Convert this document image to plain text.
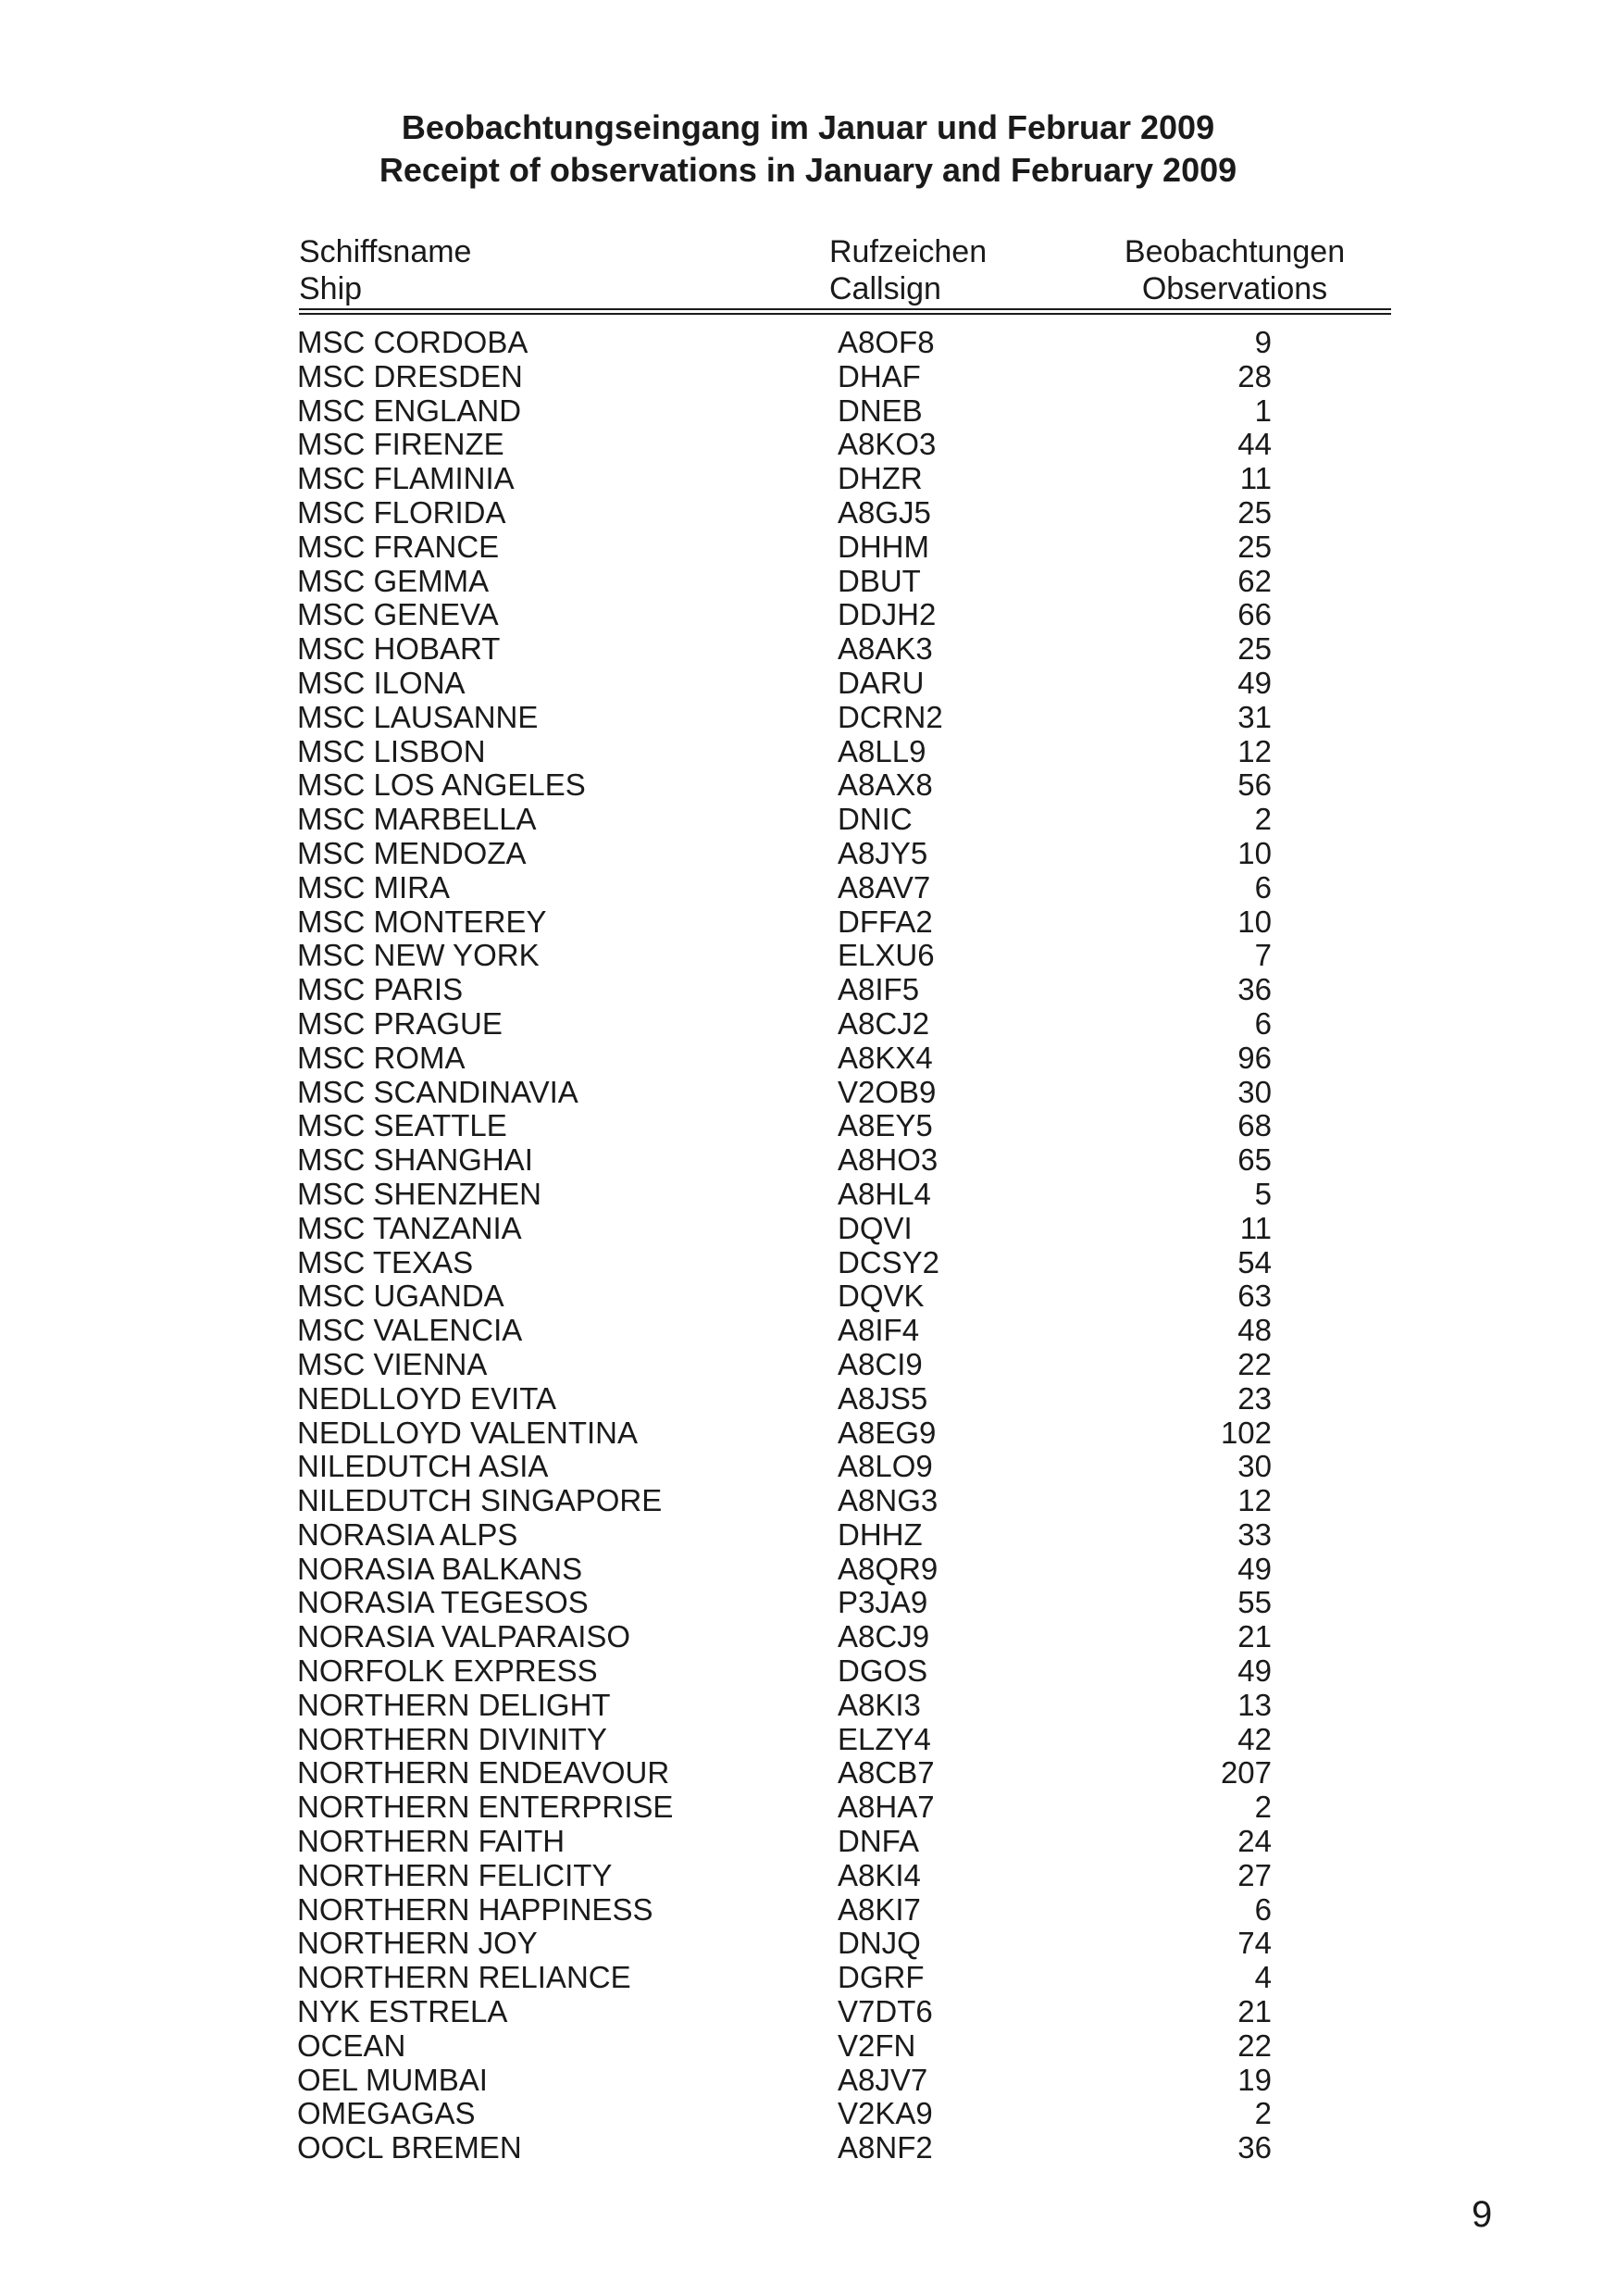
Beobachtungseingang im Januar und Februar 2009
Receipt of observations in January and February 2009
Schiffsname
Ship
Rufzeichen
Callsign
Beobachtungen
Observations
MSC CORDOBA	A8OF8	9
MSC DRESDEN	DHAF	28
MSC ENGLAND	DNEB	1
MSC FIRENZE	A8KO3	44
MSC FLAMINIA	DHZR	11
MSC FLORIDA	A8GJ5	25
MSC FRANCE	DHHM	25
MSC GEMMA	DBUT	62
MSC GENEVA	DDJH2	66
MSC HOBART	A8AK3	25
MSC ILONA	DARU	49
MSC LAUSANNE	DCRN2	31
MSC LISBON	A8LL9	12
MSC LOS ANGELES	A8AX8	56
MSC MARBELLA	DNIC	2
MSC MENDOZA	A8JY5	10
MSC MIRA	A8AV7	6
MSC MONTEREY	DFFA2	10
MSC NEW YORK	ELXU6	7
MSC PARIS	A8IF5	36
MSC PRAGUE	A8CJ2	6
MSC ROMA	A8KX4	96
MSC SCANDINAVIA	V2OB9	30
MSC SEATTLE	A8EY5	68
MSC SHANGHAI	A8HO3	65
MSC SHENZHEN	A8HL4	5
MSC TANZANIA	DQVI	11
MSC TEXAS	DCSY2	54
MSC UGANDA	DQVK	63
MSC VALENCIA	A8IF4	48
MSC VIENNA	A8CI9	22
NEDLLOYD EVITA	A8JS5	23
NEDLLOYD VALENTINA	A8EG9	102
NILEDUTCH ASIA	A8LO9	30
NILEDUTCH SINGAPORE	A8NG3	12
NORASIA ALPS	DHHZ	33
NORASIA BALKANS	A8QR9	49
NORASIA TEGESOS	P3JA9	55
NORASIA VALPARAISO	A8CJ9	21
NORFOLK EXPRESS	DGOS	49
NORTHERN DELIGHT	A8KI3	13
NORTHERN DIVINITY	ELZY4	42
NORTHERN ENDEAVOUR	A8CB7	207
NORTHERN ENTERPRISE	A8HA7	2
NORTHERN FAITH	DNFA	24
NORTHERN FELICITY	A8KI4	27
NORTHERN HAPPINESS	A8KI7	6
NORTHERN JOY	DNJQ	74
NORTHERN RELIANCE	DGRF	4
NYK ESTRELA	V7DT6	21
OCEAN	V2FN	22
OEL MUMBAI	A8JV7	19
OMEGAGAS	V2KA9	2
OOCL BREMEN	A8NF2	36
9
